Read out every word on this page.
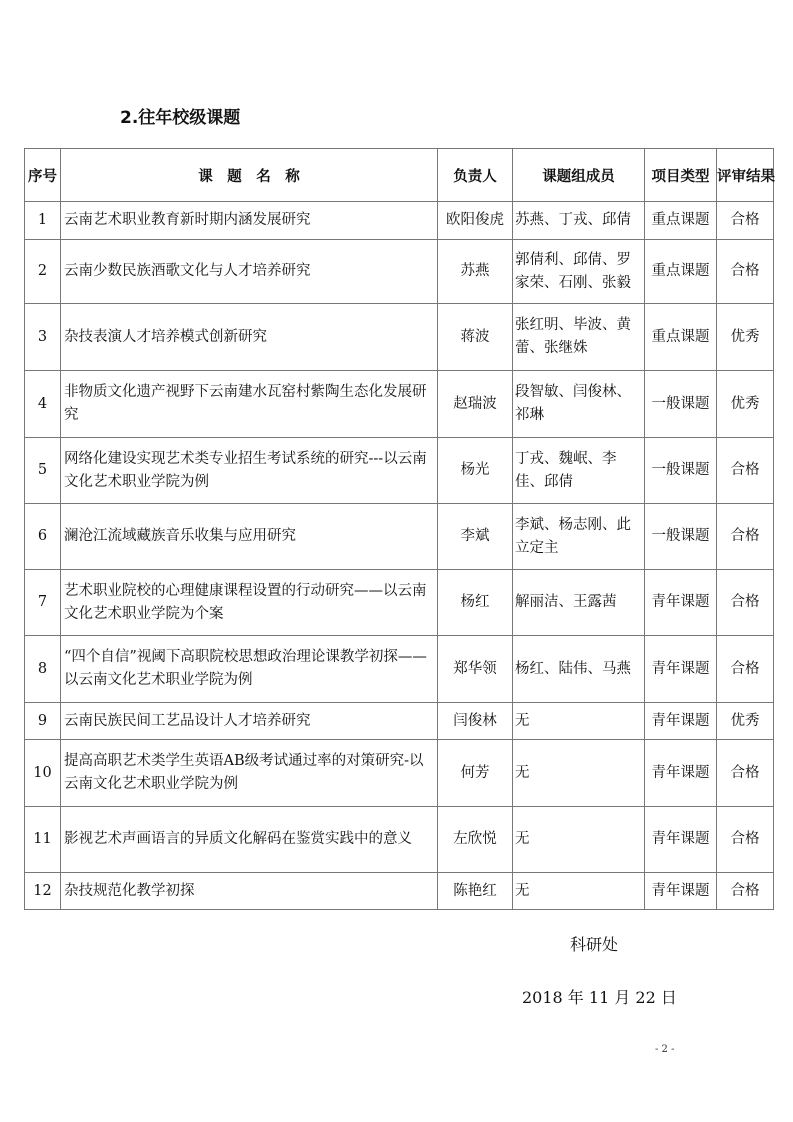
2.往年校级课题
序号	课　题　名　称	负责人	课题组成员	项目类型	评审结果
1	云南艺术职业教育新时期内涵发展研究	欧阳俊虎	苏燕、丁戎、邱倩	重点课题	合格
2	云南少数民族酒歌文化与人才培养研究	苏燕	郭倩利、邱倩、罗家荣、石刚、张毅	重点课题	合格
3	杂技表演人才培养模式创新研究	蒋波	张红明、毕波、黄蕾、张继姝	重点课题	优秀
4	非物质文化遗产视野下云南建水瓦窑村紫陶生态化发展研究	赵瑞波	段智敏、闫俊林、祁琳	一般课题	优秀
5	网络化建设实现艺术类专业招生考试系统的研究---以云南文化艺术职业学院为例	杨光	丁戎、魏岷、李佳、邱倩	一般课题	合格
6	澜沧江流域藏族音乐收集与应用研究	李斌	李斌、杨志刚、此立定主	一般课题	合格
7	艺术职业院校的心理健康课程设置的行动研究——以云南文化艺术职业学院为个案	杨红	解丽洁、王露茜	青年课题	合格
8	“四个自信”视阈下高职院校思想政治理论课教学初探——以云南文化艺术职业学院为例	郑华领	杨红、陆伟、马燕	青年课题	合格
9	云南民族民间工艺品设计人才培养研究	闫俊林	无	青年课题	优秀
10	提高高职艺术类学生英语AB级考试通过率的对策研究-以云南文化艺术职业学院为例	何芳	无	青年课题	合格
11	影视艺术声画语言的异质文化解码在鉴赏实践中的意义	左欣悦	无	青年课题	合格
12	杂技规范化教学初探	陈艳红	无	青年课题	合格
科研处
2018 年 11 月 22 日
- 2 -
